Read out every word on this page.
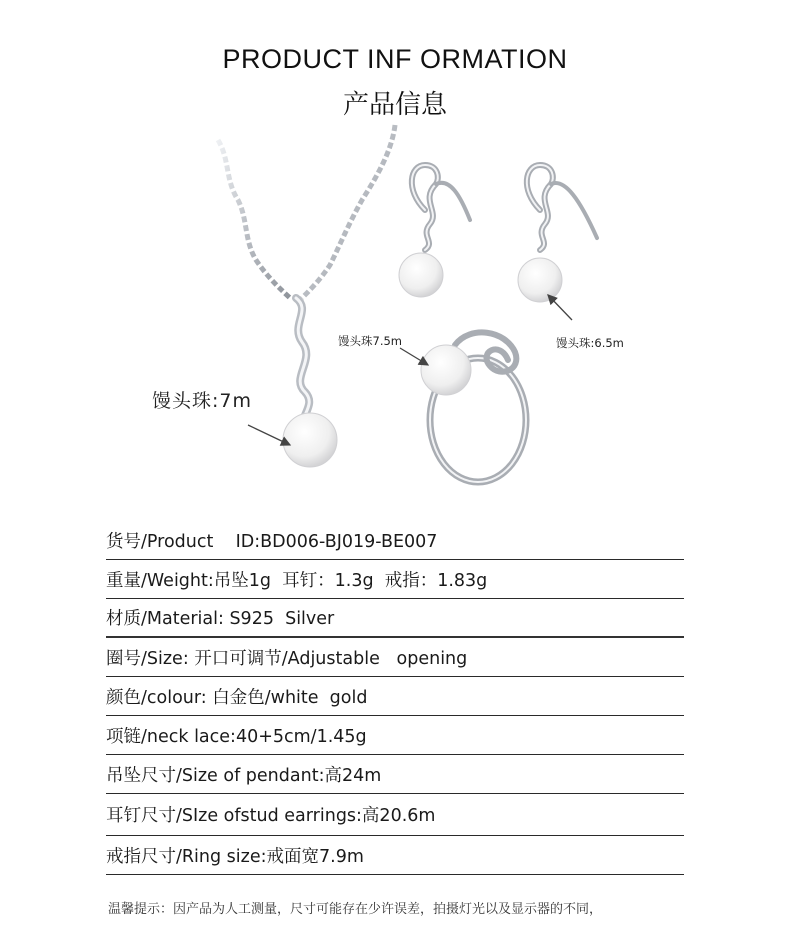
PRODUCT INF ORMATION
产品信息
馒头珠:7m
馒头珠7.5m	馒头珠:6.5m
货号/Product    ID:BD006-BJ019-BE007
重量/Weight:吊坠1g  耳钉：1.3g  戒指：1.83g
材质/Material: S925  Silver
圈号/Size: 开口可调节/Adjustable   opening
颜色/colour: 白金色/white  gold
项链/neck lace:40+5cm/1.45g
吊坠尺寸/Size of pendant:高24m
耳钉尺寸/SIze ofstud earrings:高20.6m
戒指尺寸/Ring size:戒面宽7.9m
温馨提示：因产品为人工测量，尺寸可能存在少许误差，拍摄灯光以及显示器的不同，
